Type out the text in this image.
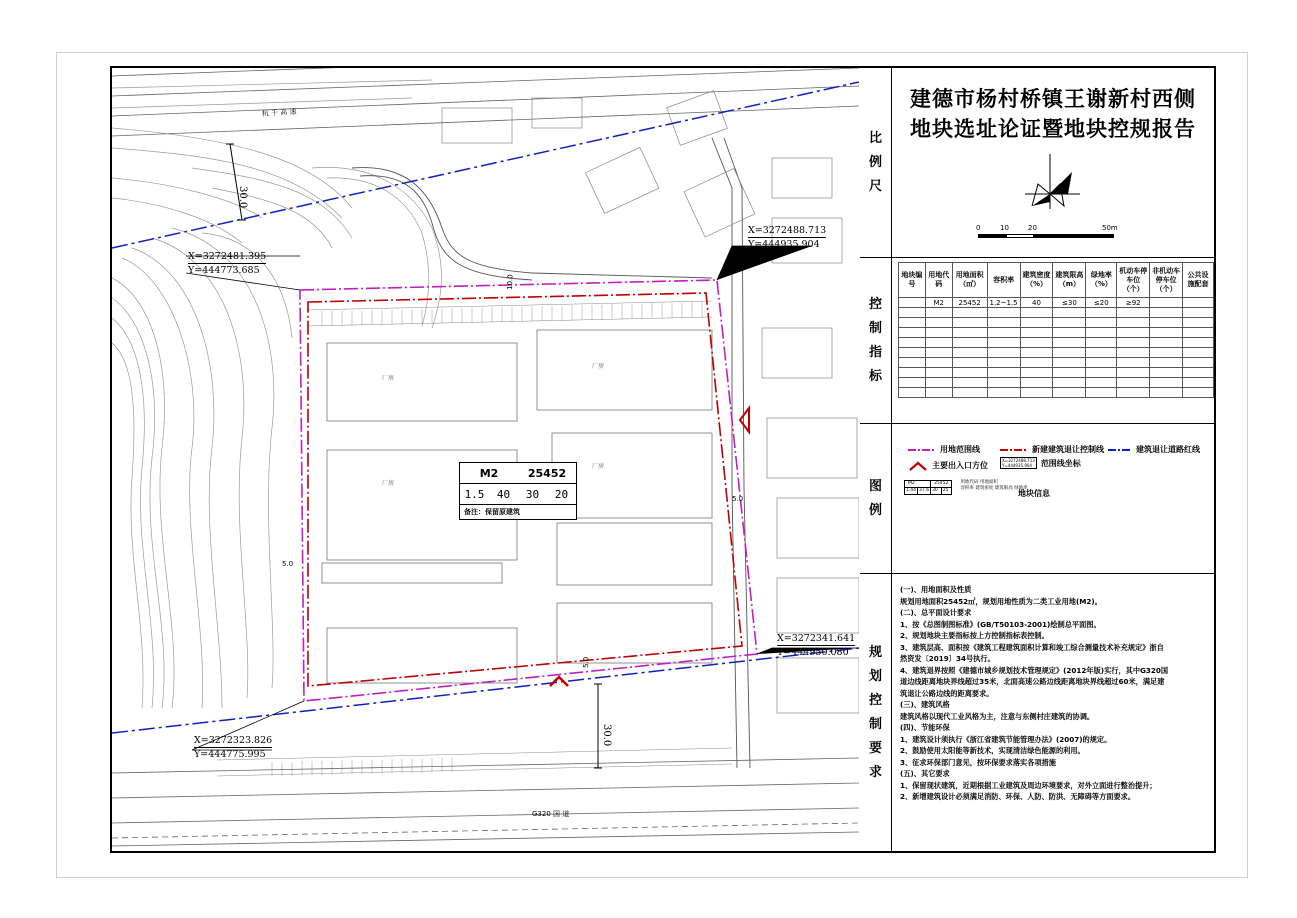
杭 千 高 速
G320 国 道
30.0
30.0
10.0
5.0
5.0
5.0
厂房
厂房
厂房
厂房
X=3272481.395
Y=444773.685
X=3272488.713
Y=444935.904
X=3272341.641
Y=444950.080
X=3272323.826
Y=444775.995
M2	25452
1.5	40	30	20
备注：保留原建筑
比
例
尺
建德市杨村桥镇王谢新村西侧地块选址论证暨地块控规报告
0	10	20	50m
控
制
指
标
地块编号	用地代码	用地面积（㎡）	容积率	建筑密度（%）	建筑限高（m）	绿地率（%）	机动车停车位（个）	非机动车停车位（个）	公共设施配套
	M2	25452	1.2~1.5	40	≤30	≤20	≥92		

图
例
用地范围线	新建建筑退让控制线	建筑退让道路红线
主要出入口方位
X=3272488.713
Y=444935.904	范围线坐标
M2		25452	
1.44	37.6	30	25
用地代码 用地面积
容积率 建筑密度 建筑限高 绿地率
地块信息
规
划
控
制
要
求
(一)、用地面积及性质
规划用地面积25452㎡，规划用地性质为二类工业用地(M2)。
(二)、总平面设计要求
1、按《总图制图标准》(GB/T50103-2001)绘制总平面图。
2、规划地块主要指标按上方控制指标表控制。
3、建筑层高、面积按《建筑工程建筑面积计算和竣工综合测量技术补充规定》浙自
然资发〔2019〕34号执行。
4、建筑退界按照《建德市城乡规划技术管理规定》(2012年版)实行，其中G320国
道边线距离地块界线超过35米，北面高速公路边线距离地块界线超过60米，满足建
筑退让公路边线的距离要求。
(三)、建筑风格
建筑风格以现代工业风格为主，注意与东侧村庄建筑的协调。
(四)、节能环保
1、建筑设计须执行《浙江省建筑节能管理办法》(2007)的规定。
2、鼓励使用太阳能等新技术，实现清洁绿色能源的利用。
3、征求环保部门意见，按环保要求落实各项措施
(五)、其它要求
1、保留现状建筑，近期根据工业建筑及周边环境要求，对外立面进行整治提升；
2、新增建筑设计必须满足消防、环保、人防、防洪、无障碍等方面要求。
